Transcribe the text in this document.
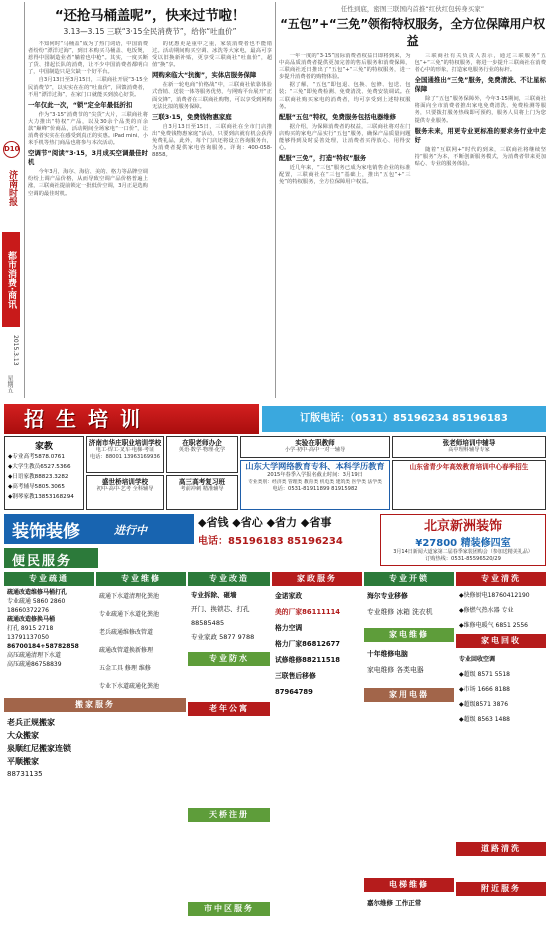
D10
济南时报
都市消费·商讯
2015.3.13
星期五
“还抢马桶盖呢”，快来过节啦！
3.13—3.15 三联“3·15全民消费节”，给你“吐血价”

不知何时“马桶盖”成为了热门词语，中国消费者纷纷“漂洋过海”，到日本购买马桶盖、电饭煲，惹得中国制造业者“躺着也中枪”。其实，一度买断了货、排起长队的消费，让不少中国消费者都明白了，中国制造只是欠缺一个好平台。

自3月13日至3月15日，三联商社开展“3·15全民消费节”，以实实在在的“吐血价”，回馈消费者，不用“漂洋过海”，在家门口就能买到放心好货。

一年仅此一次，“锁”定全年最低折扣

作为“3·15”消费节的“尖货”大片，三联商社将大力推出“特权”产品，以及30余个品类的百余款“巅峰”价商品，活动期间全场家电“一口价”，让消费者实实在在感受到真正的实惠。iPad mini、小米手机等热门商品也将参与本次活动。

空调节“阅读”3·15，3月成买空调最佳时机

今年3月，海尔、海信、美的、格力等品牌空调纷纷上调产品价格，从而导致空调产品价格普遍上涨，三联商社提前锁定一批低价空调，3月正是选购空调的最佳时机。

的优惠更是重中之重，家装消费者也不能错过。活动期间购买空调、冰洗等大家电，最高可享受以旧换新补贴，更享受三联商社“吐血价”，超值“换”享。

网购来临大“抗衡”，实体店服务保障

在新一轮电商“价格战”中，三联商社依靠体验式营销、送装一体等服务优势，与网购平台展开“正面交锋”，消费者在三联商社购物，可以享受到网购无法比拟的服务保障。

三联3·15，免费钱物惠家庭

自3月13日至15日，三联商社在全市门店推出“免费钱物惠家庭”活动，只要到店就有机会获得免费礼品，此外，每个门店还将设立咨询服务台，为消费者提供家电咨询服务。详询：400-058-8858。

任性到底，密图三联国内首推“红伙红包转身买家”
“五包”+“三免”领衔特权服务，全方位保障用户权益

一年一度的“3·15”国际消费者权益日即将到来，为中高品质消费者提供更加完善的售后服务和消费保障，三联商社近日推出了“五包”+“三免”的特权服务，进一步提升消费者的购物体验。

据了解，“五包”即包退、包换、包修、包送、包装；“三免”即免费检测、免费清洗、免费安装调试。在三联商社购买家电的消费者，均可享受到上述特权服务。

配服“五包”特权，免费服务包括电器维修

据介绍，为保障消费者的权益，三联商社将对在门店购买的家电产品实行“五包”服务，确保产品质量问题能够得到及时妥善处理，让消费者买得放心、用得安心。

配服“三免”，打造“特权”服务

近几年来，“三包”服务已成为家电销售企业的标准配置，三联商社在“三包”基础上，推出“五包”+“三免”的特权服务，全方位保障用户权益。

三联商社有关负责人表示，通过三联服务“五包”+“三免”的特权服务，将进一步提升三联商社在消费者心中的形象，打造家电服务行业的标杆。

全国通推出“三免”服务，免费清洗、不让星标保障

除了“五包”服务保障外，今年3·15期间，三联商社将面向全市消费者推出家电免费清洗、免费检测等服务，只要拨打服务热线即可预约，服务人员将上门为您提供专业服务。

服务未来，用更专业更标准的要求务行业中走好

随着“互联网+”时代的到来，三联商社将继续坚持“服务”为本，不断创新服务模式，为消费者带来更加贴心、专业的服务体验。

招生培训	订版电话：（0531）85196234 85196183
家教
◆专业高考5878.0761
◆大学生教员6527.5366
◆日语家教88823.3282
◆高考辅导5805.3065
◆钢琴家教13853168294
济南市华庄职业培训学校
电工·焊工·叉车·电梯·考证
电话：88001 13963169936
盛世桥培训学校
初中·高中·艺考 全科辅导
在职老师办企
英语·数学·物理·化学
高三高考复习班
考前冲刺 精准辅导
实验在职教师
小学·初中·高中一对一辅导
山东大学网络教育专科、本科学历教育
2015年春季入学报名截止时间：3月19日
专业类别：经济类 管理类 教育类 机电类 建筑类 医学类 法学类
电话：0531-81911899 81915982
张老师培训中辅导
高中理科辅导专家
山东省青少年高效教育培训中心春季招生
装饰装修	进行中
◆省钱 ◆省心 ◆省力 ◆省事
电话：85196183 85196234
北京新洲装饰
¥27800 精装修四室
3月14日新闻大道家第二届春季家装团购会（参加送精美礼品）
订购热线：0531-85596520/29
便民服务
专业疏通
疏通改造维修马桶打孔
专业疏通 5860 2860
18660372276
疏通改造修换马桶
打孔 8915 2718
13791137050
86700184+58782858
高压疏通清理下水道
高压疏通86758839
搬家服务
老兵正规搬家
大众搬家
泉顺红尼搬家连锁
平顺搬家
88731135
专业维修
疏通下水道清理化粪池
专业疏通下水道化粪池
老兵疏通维修改管道
疏通改管道换新修理
五金工具 修理 维修
专业下水道疏通化粪池
专业改造
专业拆除、砸墙
开门、换锁芯、打孔
88585485
专业家政 5877 9788
专业防水
老年公寓
天桥注册
市中区服务
家政服务
金诺家政
美的厂家86111114
格力空调
格力厂家86812677
试修维修88211518
三联售后移修
87964789
专业开锁
海尔专业移修
专业维修 冰箱 洗衣机
家电维修
十年维修电脑
家电维修 各类电器
家用电器
电梯维修
嘉尔维修 工作正常
专业清洗
◆快修厨电18760412190
◆修燃气热水器 专业
◆维修电暖气 6851 2556
家电回收
专业回收空调
◆超级 8571 5518
◆市场 1666 8188
◆超级8571 3876
◆超级 8563 1488
道路清洗
附近服务
